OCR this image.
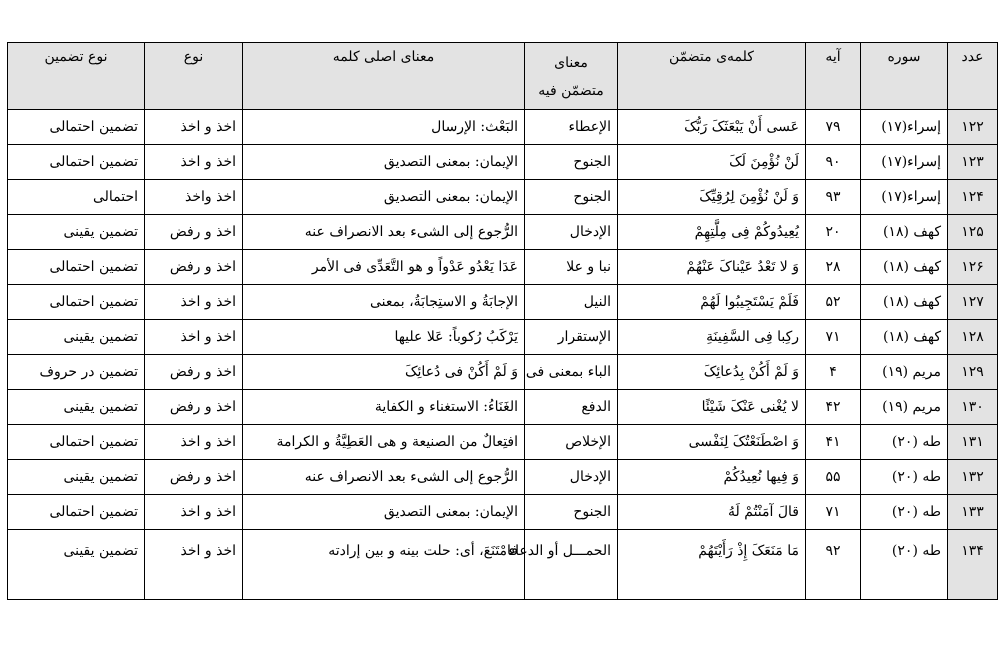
عدد	سوره	آیه	کلمه‌ی متضمّن	معنای
متضمّن فیه	معنای اصلی کلمه	نوع	نوع تضمین
۱۲۲	إسراء(۱۷)	۷۹	عَسى أَنْ یَبْعَثَکَ رَبُّکَ	الإعطاء	البَعْث: الإرسال	اخذ و اخذ	تضمین احتمالی
۱۲۳	إسراء(۱۷)	۹۰	لَنْ نُؤْمِنَ لَکَ	الجنوح	الإیمان: بمعنى التصدیق	اخذ و اخذ	تضمین احتمالی
۱۲۴	إسراء(۱۷)	۹۳	وَ لَنْ نُؤْمِنَ لِرُقِیِّکَ	الجنوح	الإیمان: بمعنى التصدیق	اخذ واخذ	احتمالی
۱۲۵	کهف (۱۸)	۲۰	یُعِیدُوکُمْ فِی مِلَّتِهِمْ	الإدخال	الرُّجوع إلى الشیء بعد الانصراف عنه	اخذ و رفض	تضمین یقینی
۱۲۶	کهف (۱۸)	۲۸	وَ لا تَعْدُ عَیْناکَ عَنْهُمْ	نبا و علا	عَدَا یَعْدُو عَدْواً و هو التَّعَدِّی فی الأمر	اخذ و رفض	تضمین احتمالی
۱۲۷	کهف (۱۸)	۵۲	فَلَمْ یَسْتَجِیبُوا لَهُمْ	النیل	الإجابَةُ و الاستِجابَةُ، بمعنى	اخذ و اخذ	تضمین احتمالی
۱۲۸	کهف (۱۸)	۷۱	رکِبا فِی السَّفِینَةِ	الإستقرار	یَرْکَبُ رُکوباً: عَلا علیها	اخذ و اخذ	تضمین یقینی
۱۲۹	مریم (۱۹)	۴	وَ لَمْ أَکُنْ بِدُعائِکَ	الباء بمعنی فی	وَ لَمْ أَکُنْ فی دُعائِکَ	اخذ و رفض	تضمین در حروف
۱۳۰	مریم (۱۹)	۴۲	لا یُغْنی عَنْکَ شَیْئًا	الدفع	الغَنَاءُ: الاستغناء و الکفایة	اخذ و رفض	تضمین یقینی
۱۳۱	طه (۲۰)	۴۱	وَ اصْطَنَعْتُکَ لِنَفْسی	الإخلاص	افتِعالٌ من الصنیعة و هی العَطِیَّةُ و الکرامة	اخذ و اخذ	تضمین احتمالی
۱۳۲	طه (۲۰)	۵۵	وَ فِیها نُعِیدُکُمْ	الإدخال	الرُّجوع إلى الشیء بعد الانصراف عنه	اخذ و رفض	تضمین یقینی
۱۳۳	طه (۲۰)	۷۱	قالَ آمَنْتُمْ لَهُ	الجنوح	الإیمان: بمعنى التصدیق	اخذ و اخذ	تضمین احتمالی
۱۳۴	طه (۲۰)	۹۲	مَا مَنَعَکَ إِذْ رَأَیْتَهُمْ	الحمـــل أو الدعاء	فامْتَنَعَ، أی: حلت بینه و بین إرادته	اخذ و اخذ	تضمین یقینی
